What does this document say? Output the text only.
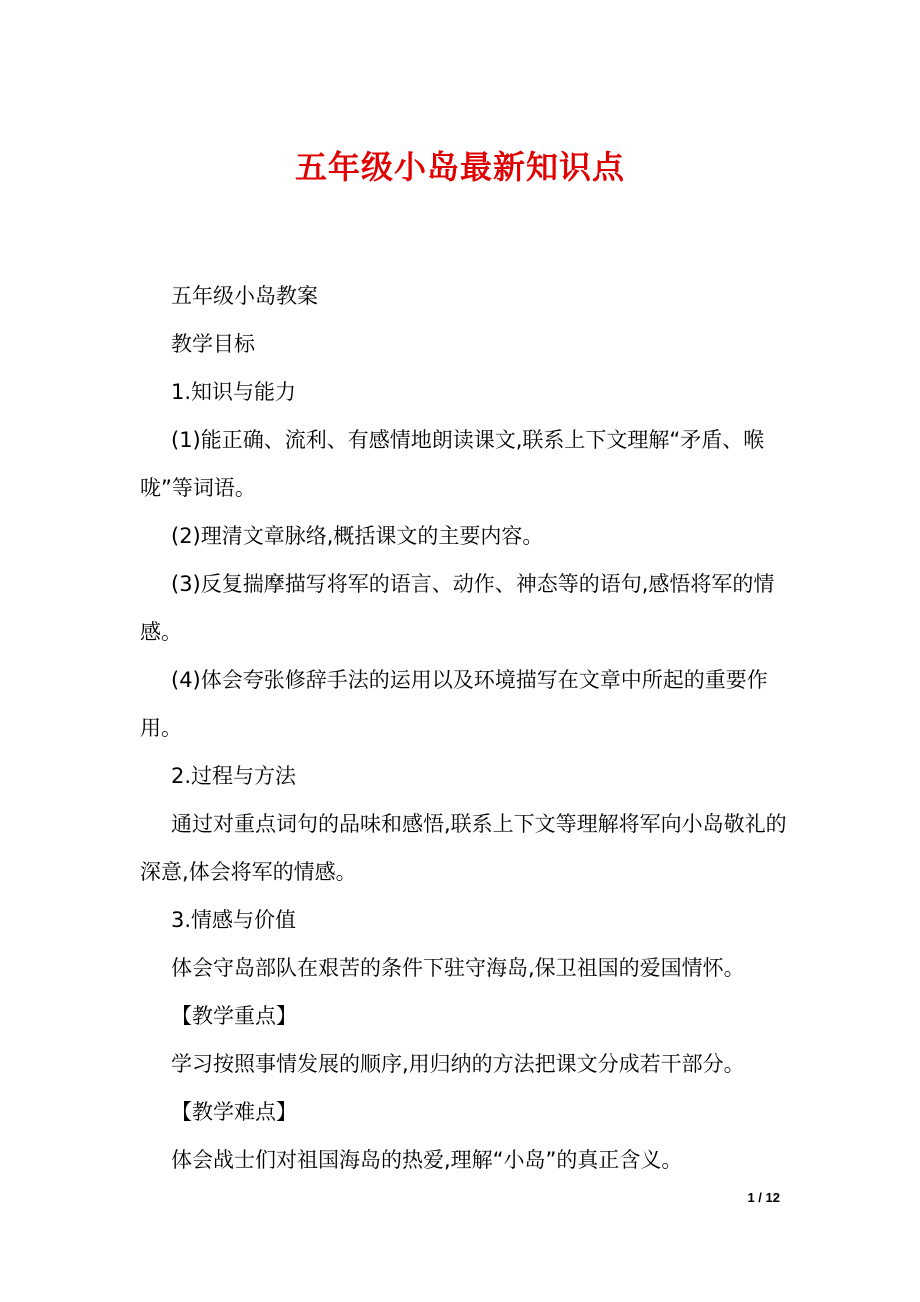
五年级小岛最新知识点

五年级小岛教案

教学目标

1.知识与能力

(1)能正确、流利、有感情地朗读课文,联系上下文理解“矛盾、喉咙”等词语。

(2)理清文章脉络,概括课文的主要内容。

(3)反复揣摩描写将军的语言、动作、神态等的语句,感悟将军的情感。

(4)体会夸张修辞手法的运用以及环境描写在文章中所起的重要作用。

2.过程与方法

通过对重点词句的品味和感悟,联系上下文等理解将军向小岛敬礼的深意,体会将军的情感。

3.情感与价值

体会守岛部队在艰苦的条件下驻守海岛,保卫祖国的爱国情怀。

【教学重点】

学习按照事情发展的顺序,用归纳的方法把课文分成若干部分。

【教学难点】

体会战士们对祖国海岛的热爱,理解“小岛”的真正含义。

1 / 12
